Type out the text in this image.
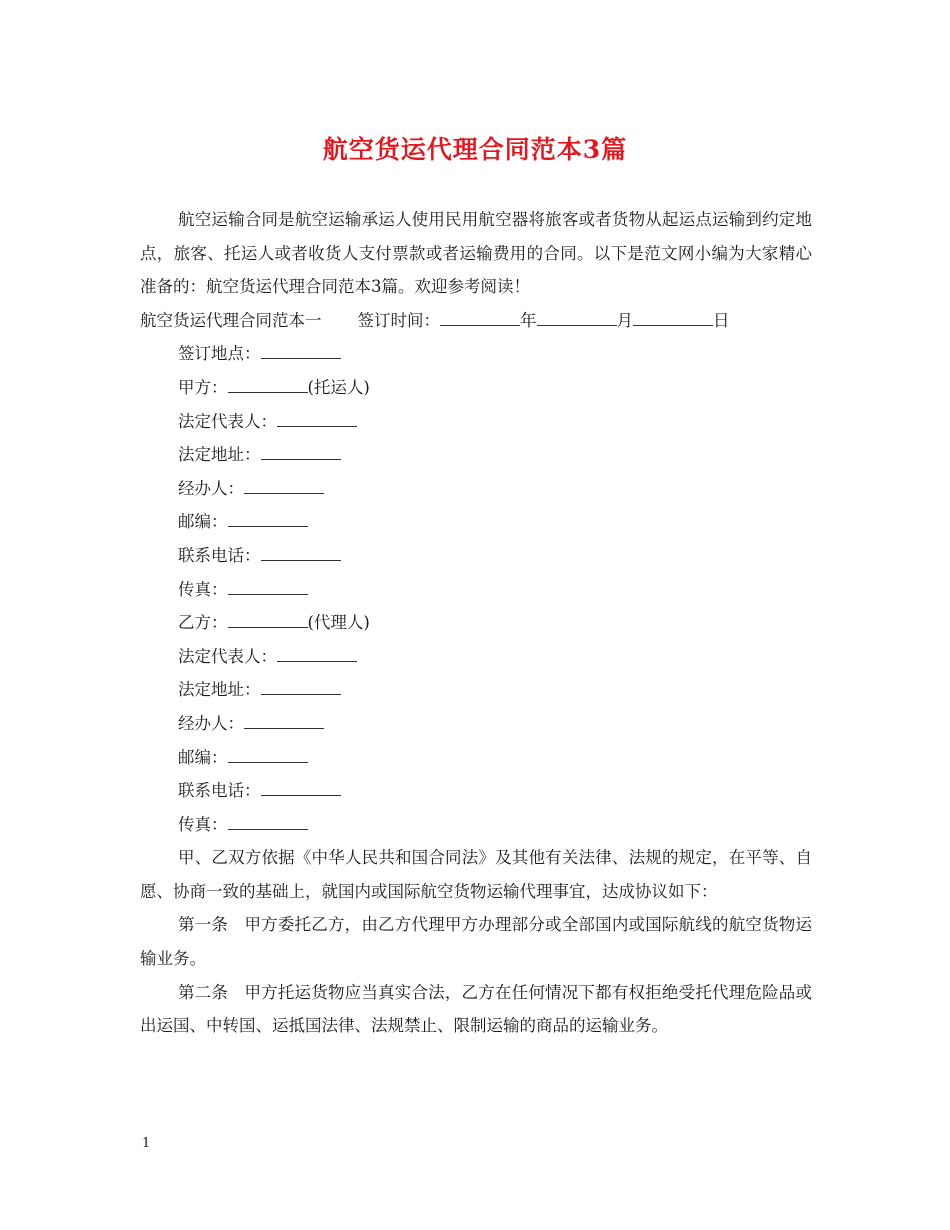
航空货运代理合同范本3篇

航空运输合同是航空运输承运人使用民用航空器将旅客或者货物从起运点运输到约定地点，旅客、托运人或者收货人支付票款或者运输费用的合同。以下是范文网小编为大家精心准备的：航空货运代理合同范本3篇。欢迎参考阅读！

航空货运代理合同范本一 签订时间：	年	月	日

签订地点：

甲方：	(托运人)

法定代表人：

法定地址：

经办人：

邮编：

联系电话：

传真：

乙方：	(代理人)

法定代表人：

法定地址：

经办人：

邮编：

联系电话：

传真：

甲、乙双方依据《中华人民共和国合同法》及其他有关法律、法规的规定，在平等、自愿、协商一致的基础上，就国内或国际航空货物运输代理事宜，达成协议如下：

第一条 甲方委托乙方，由乙方代理甲方办理部分或全部国内或国际航线的航空货物运输业务。

第二条 甲方托运货物应当真实合法，乙方在任何情况下都有权拒绝受托代理危险品或出运国、中转国、运抵国法律、法规禁止、限制运输的商品的运输业务。

1
